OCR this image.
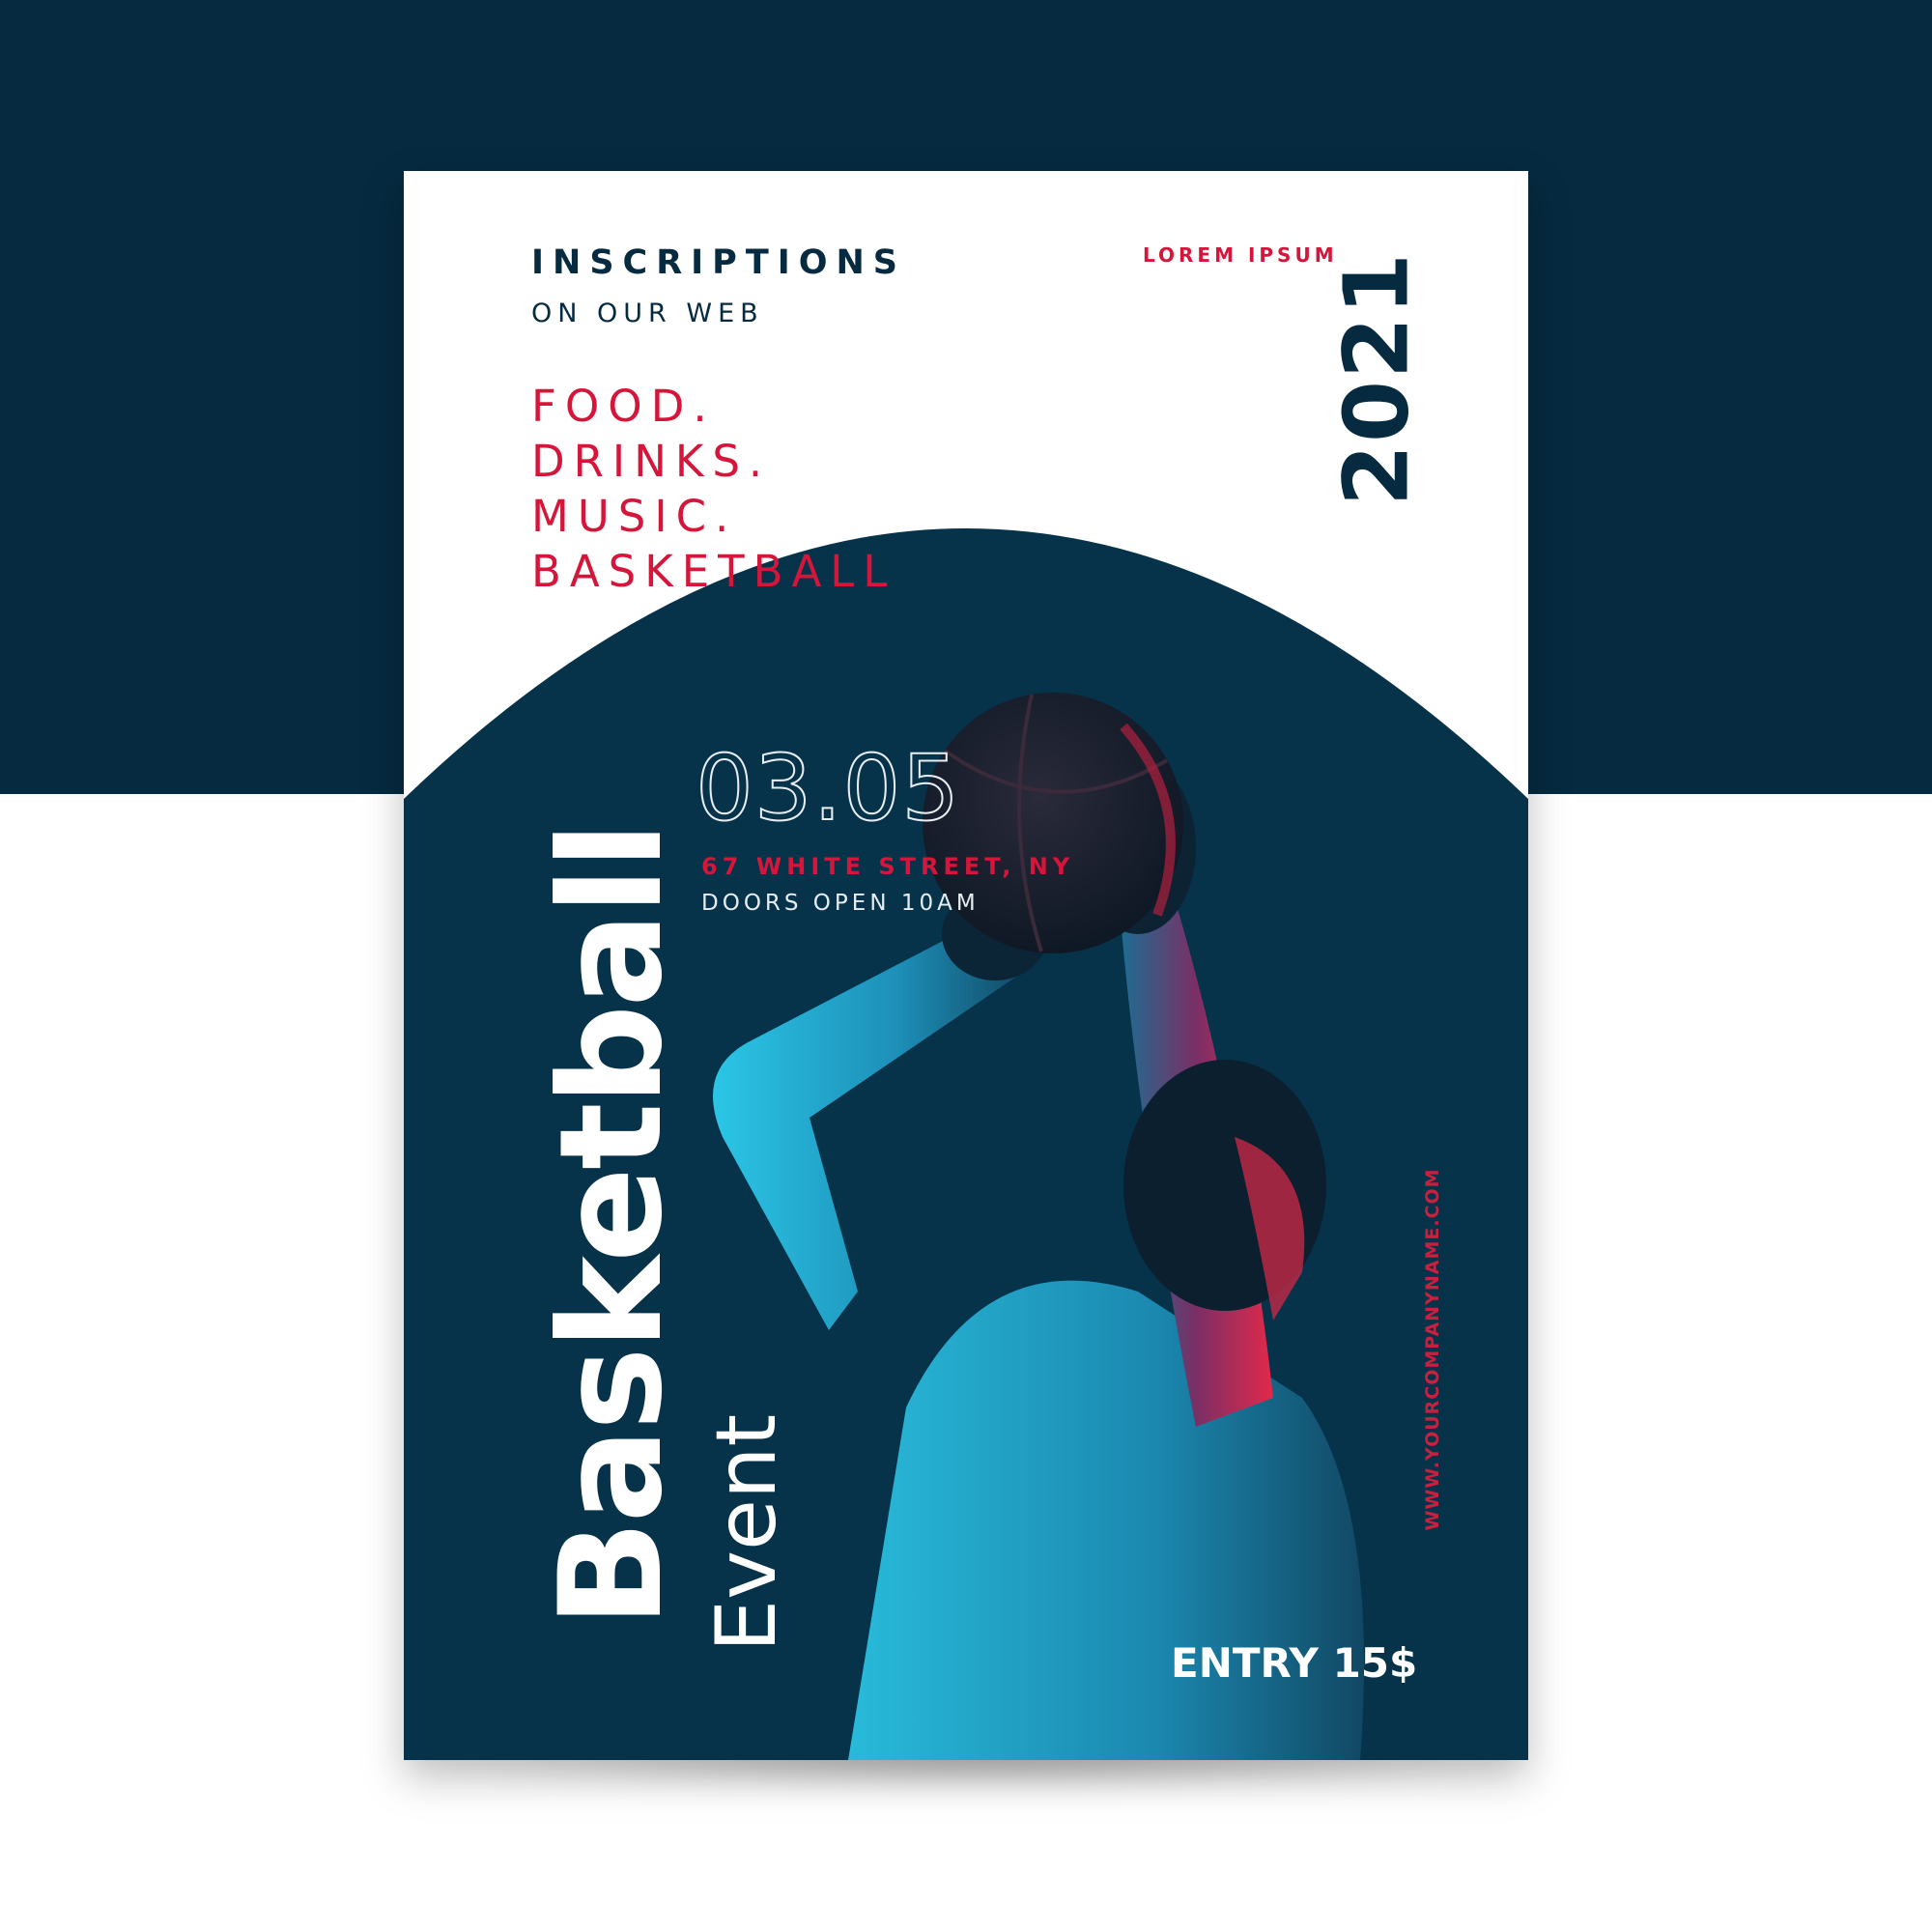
INSCRIPTIONS

ON OUR WEB

LOREM IPSUM

2021
FOOD.
DRINKS.
MUSIC.
BASKETBALL

03.05

67 WHITE STREET, NY

DOORS OPEN 10AM

Basketball Event
WWW.YOURCOMPANYNAME.COM

ENTRY 15$
